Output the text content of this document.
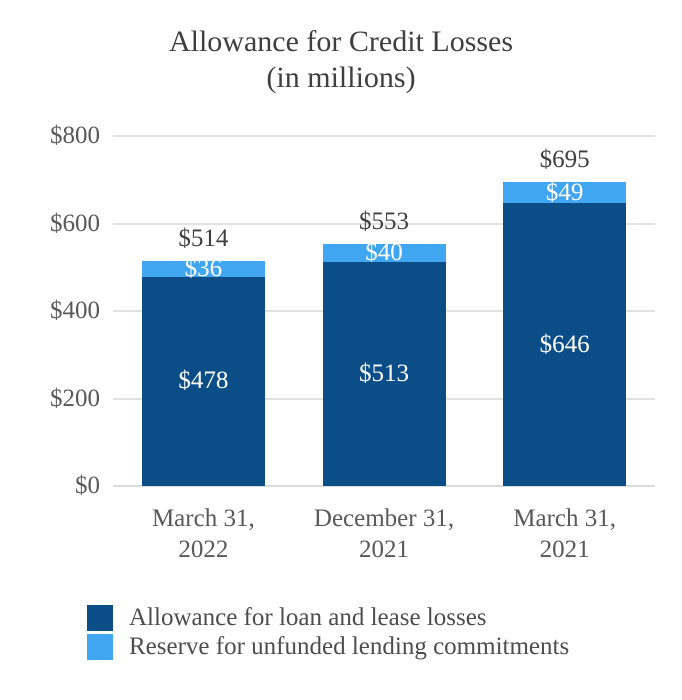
Allowance for Credit Losses
(in millions)
$0
$200
$400
$600
$800
$478
$36
$514
March 31,
2022
$513
$40
$553
December 31,
2021
$646
$49
$695
March 31,
2021
Allowance for loan and lease losses
Reserve for unfunded lending commitments
